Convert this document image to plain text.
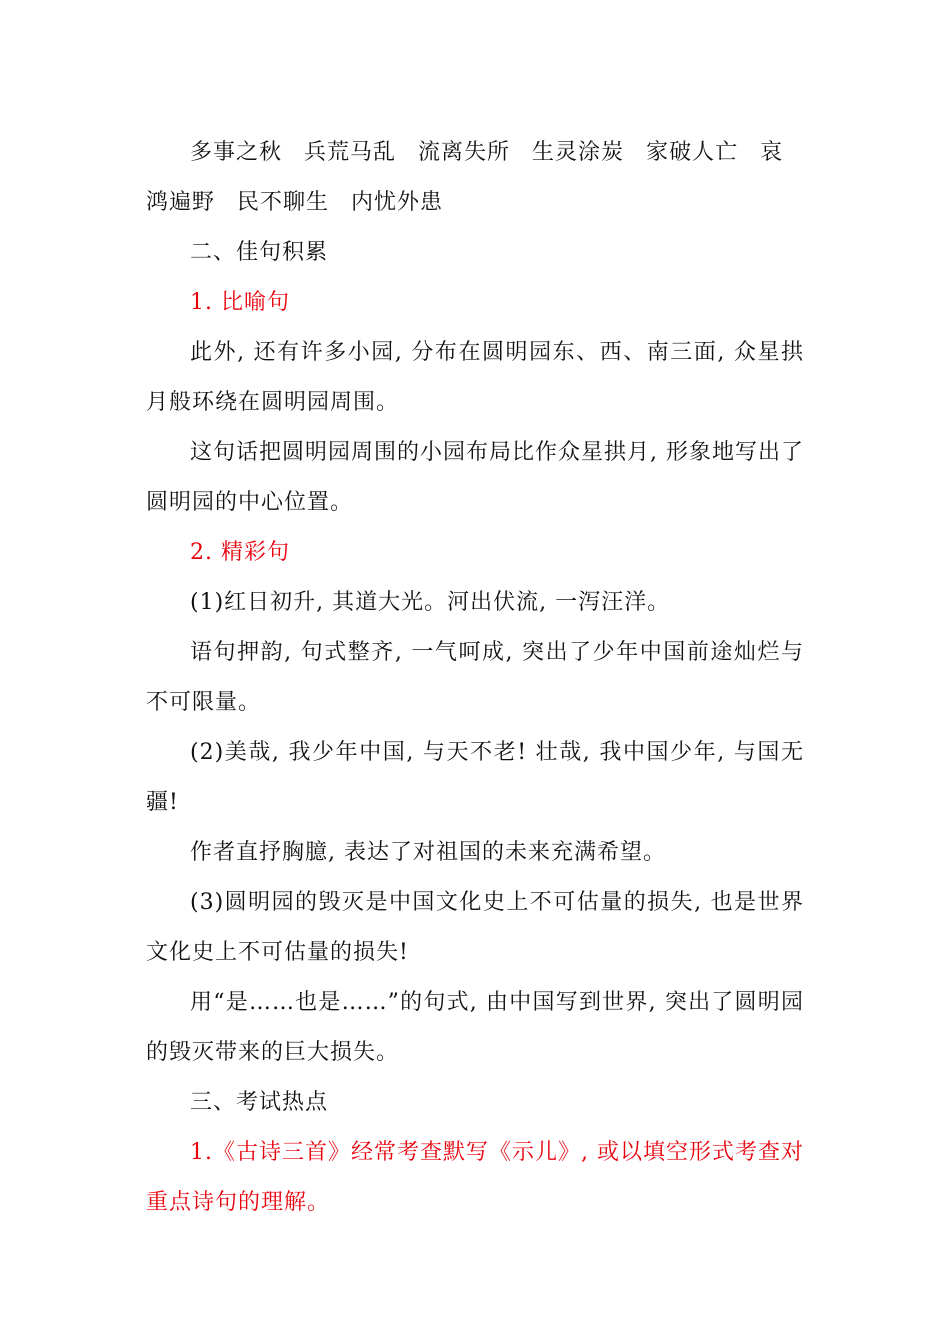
多事之秋 兵荒马乱 流离失所 生灵涂炭 家破人亡 哀鸿遍野 民不聊生 内忧外患

二、佳句积累

1. 比喻句

此外, 还有许多小园, 分布在圆明园东、西、南三面, 众星拱月般环绕在圆明园周围。

这句话把圆明园周围的小园布局比作众星拱月, 形象地写出了圆明园的中心位置。

2. 精彩句

(1)红日初升, 其道大光。河出伏流, 一泻汪洋。

语句押韵, 句式整齐, 一气呵成, 突出了少年中国前途灿烂与不可限量。

(2)美哉, 我少年中国, 与天不老! 壮哉, 我中国少年, 与国无疆!

作者直抒胸臆, 表达了对祖国的未来充满希望。

(3)圆明园的毁灭是中国文化史上不可估量的损失, 也是世界文化史上不可估量的损失!

用“是……也是……”的句式, 由中国写到世界, 突出了圆明园的毁灭带来的巨大损失。

三、考试热点

1.《古诗三首》经常考查默写《示儿》, 或以填空形式考查对重点诗句的理解。
